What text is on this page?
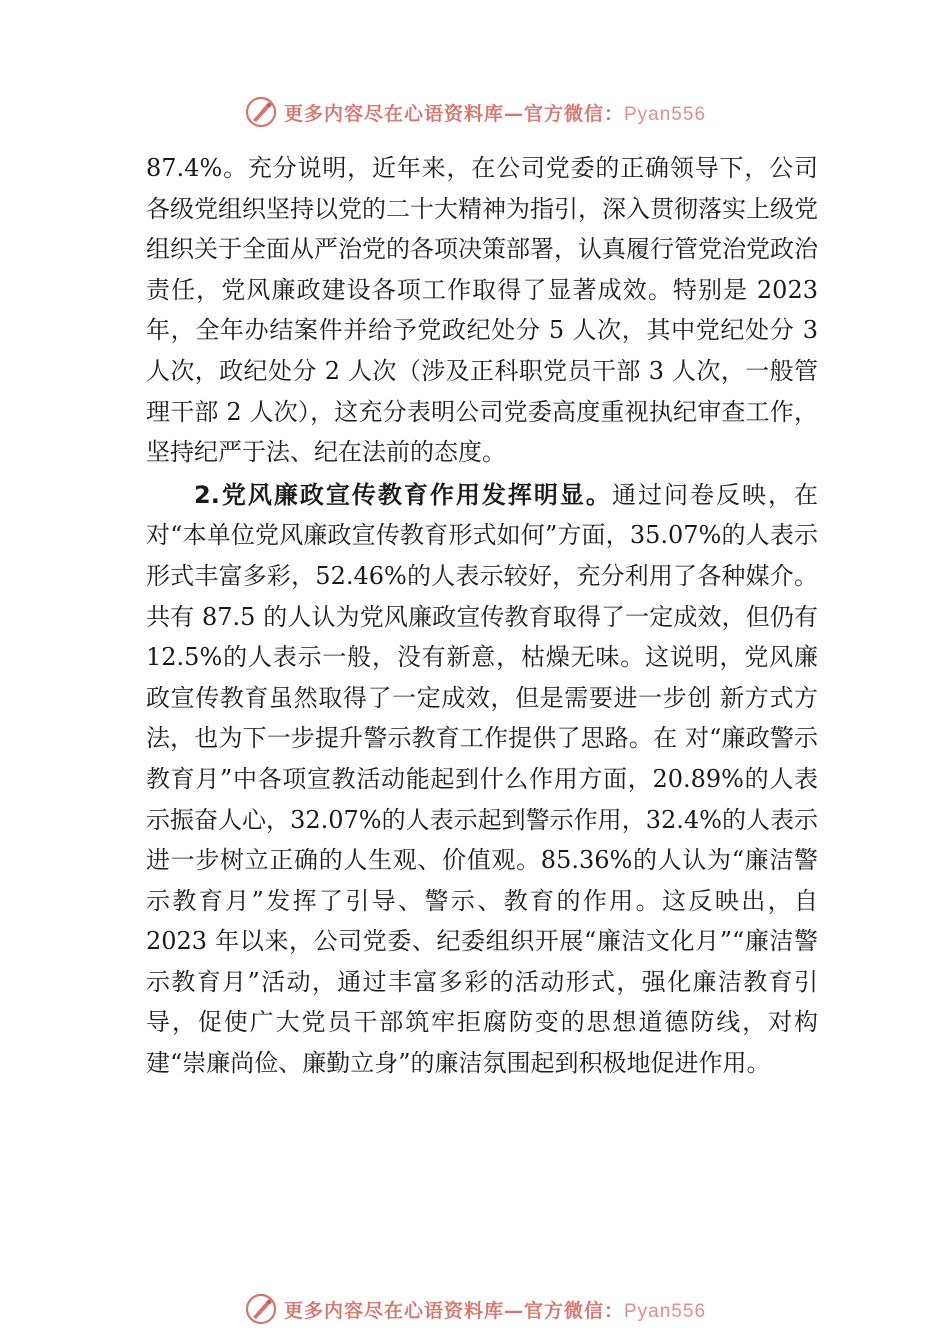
更多内容尽在心语资料库—官方微信：Pyan556

87.4%。充分说明，近年来，在公司党委的正确领导下，公司各级党组织坚持以党的二十大精神为指引，深入贯彻落实上级党组织关于全面从严治党的各项决策部署，认真履行管党治党政治责任，党风廉政建设各项工作取得了显著成效。特别是 2023 年，全年办结案件并给予党政纪处分 5 人次，其中党纪处分 3 人次，政纪处分 2 人次（涉及正科职党员干部 3 人次，一般管理干部 2 人次），这充分表明公司党委高度重视执纪审查工作，坚持纪严于法、纪在法前的态度。

2.党风廉政宣传教育作用发挥明显。通过问卷反映，在对“本单位党风廉政宣传教育形式如何”方面，35.07%的人表示形式丰富多彩，52.46%的人表示较好，充分利用了各种媒介。共有 87.5 的人认为党风廉政宣传教育取得了一定成效，但仍有 12.5%的人表示一般，没有新意，枯燥无味。这说明，党风廉政宣传教育虽然取得了一定成效，但是需要进一步创 新方式方法，也为下一步提升警示教育工作提供了思路。在 对“廉政警示教育月”中各项宣教活动能起到什么作用方面，20.89%的人表示振奋人心，32.07%的人表示起到警示作用，32.4%的人表示进一步树立正确的人生观、价值观。85.36%的人认为“廉洁警示教育月”发挥了引导、警示、教育的作用。这反映出，自 2023 年以来，公司党委、纪委组织开展“廉洁文化月”“廉洁警示教育月”活动，通过丰富多彩的活动形式，强化廉洁教育引导，促使广大党员干部筑牢拒腐防变的思想道德防线，对构建“崇廉尚俭、廉勤立身”的廉洁氛围起到积极地促进作用。

更多内容尽在心语资料库—官方微信：Pyan556
